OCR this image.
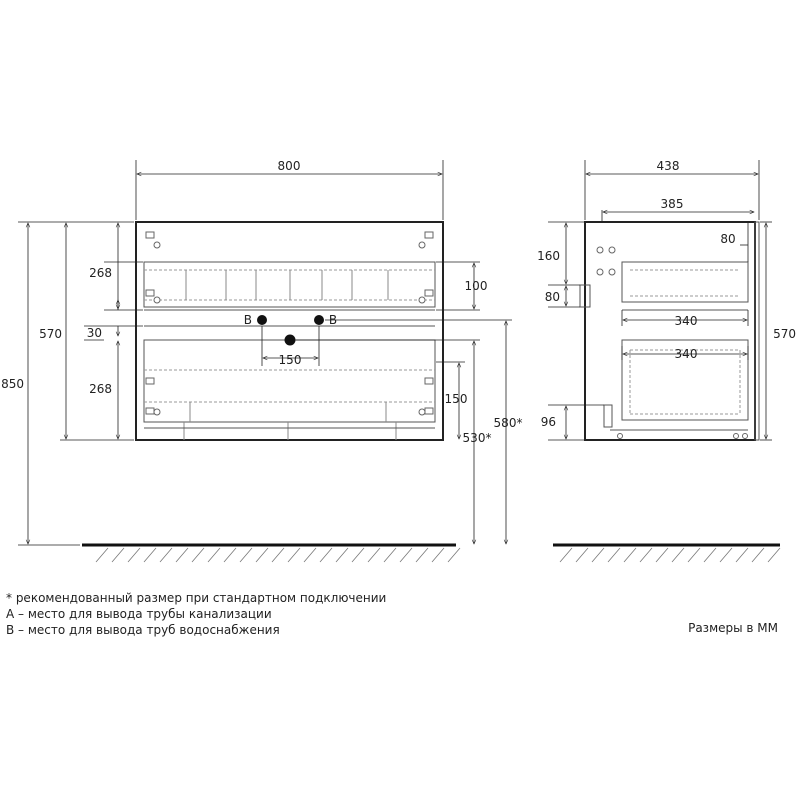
B	B
800
850
570
268
30
268
100
150
150
580*
530*
438
385
80
160
80
340
340
96
570
* рекомендованный размер при стандартном подключении
А – место для вывода трубы канализации
В – место для вывода труб водоснабжения	Размеры в ММ
